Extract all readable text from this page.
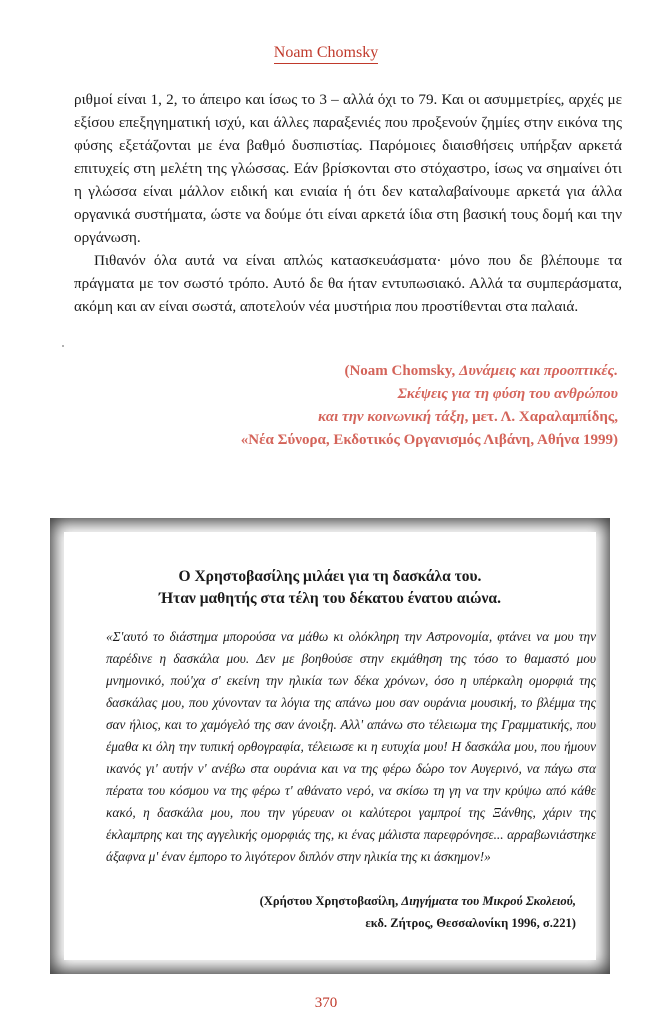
Noam Chomsky

ριθμοί είναι 1, 2, το άπειρο και ίσως το 3 – αλλά όχι το 79. Και οι ασυμμετρίες, αρχές με εξίσου επεξηγηματική ισχύ, και άλλες παραξενιές που προξενούν ζημίες στην εικόνα της φύσης εξετάζονται με ένα βαθμό δυσπιστίας. Παρόμοιες διαισθήσεις υπήρξαν αρκετά επιτυχείς στη μελέτη της γλώσσας. Εάν βρίσκονται στο στόχαστρο, ίσως να σημαίνει ότι η γλώσσα είναι μάλλον ειδική και ενιαία ή ότι δεν καταλαβαίνουμε αρκετά για άλλα οργανικά συστήματα, ώστε να δούμε ότι είναι αρκετά ίδια στη βασική τους δομή και την οργάνωση.

Πιθανόν όλα αυτά να είναι απλώς κατασκευάσματα· μόνο που δε βλέπουμε τα πράγματα με τον σωστό τρόπο. Αυτό δε θα ήταν εντυπωσιακό. Αλλά τα συμπεράσματα, ακόμη και αν είναι σωστά, αποτελούν νέα μυστήρια που προστίθενται στα παλαιά.

(Noam Chomsky, Δυνάμεις και προοπτικές.
Σκέψεις για τη φύση του ανθρώπου
και την κοινωνική τάξη, μετ. Λ. Χαραλαμπίδης,
«Νέα Σύνορα, Εκδοτικός Οργανισμός Λιβάνη, Αθήνα 1999)
Ο Χρηστοβασίλης μιλάει για τη δασκάλα του.
Ήταν μαθητής στα τέλη του δέκατου ένατου αιώνα.

«Σ'αυτό το διάστημα μπορούσα να μάθω κι ολόκληρη την Αστρονομία, φτάνει να μου την παρέδινε η δασκάλα μου. Δεν με βοηθούσε στην εκμάθηση της τόσο το θαμαστό μου μνημονικό, πού'χα σ' εκείνη την ηλικία των δέκα χρόνων, όσο η υπέρκαλη ομορφιά της δασκάλας μου, που χύνονταν τα λόγια της απάνω μου σαν ουράνια μουσική, το βλέμμα της σαν ήλιος, και το χαμόγελό της σαν άνοιξη. Αλλ' απάνω στο τέλειωμα της Γραμματικής, που έμαθα κι όλη την τυπική ορθογραφία, τέλειωσε κι η ευτυχία μου! Η δασκάλα μου, που ήμουν ικανός γι' αυτήν ν' ανέβω στα ουράνια και να της φέρω δώρο τον Αυγερινό, να πάγω στα πέρατα του κόσμου να της φέρω τ' αθάνατο νερό, να σκίσω τη γη να την κρύψω από κάθε κακό, η δασκάλα μου, που την γύρευαν οι καλύτεροι γαμπροί της Ξάνθης, χάριν της έκλαμπρης και της αγγελικής ομορφιάς της, κι ένας μάλιστα παρεφρόνησε... αρραβωνιάστηκε άξαφνα μ' έναν έμπορο το λιγότερον διπλόν στην ηλικία της κι άσκημον!»

(Χρήστου Χρηστοβασίλη, Διηγήματα του Μικρού Σκολειού,
εκδ. Ζήτρος, Θεσσαλονίκη 1996, σ.221)
370
